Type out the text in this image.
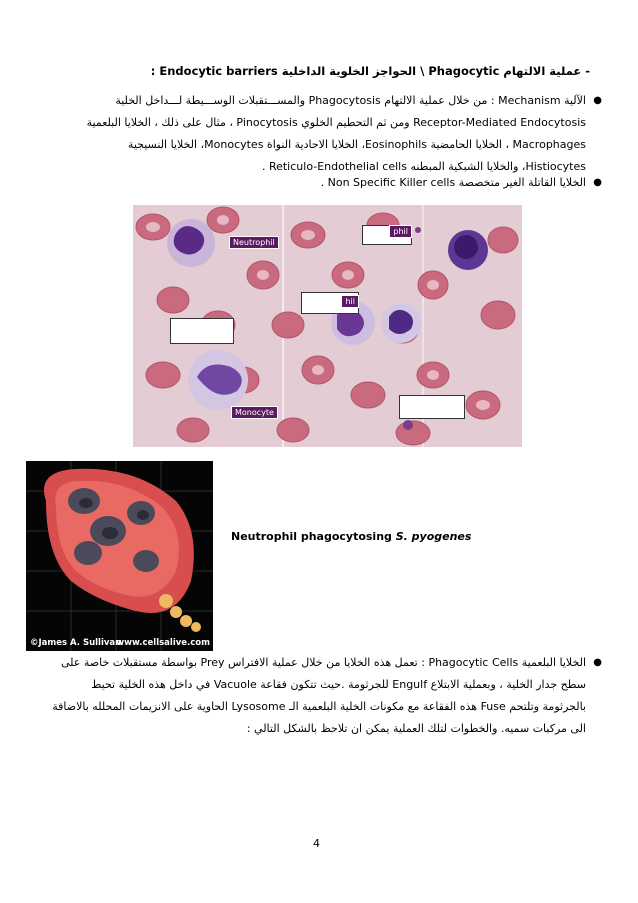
- عملية الالتهام Phagocytic \ الحواجز الخلوية الداخلية Endocytic barriers :
●

الآلية Mechanism : من خلال عملية الالتهام Phagocytosis والمســـتقبلات الوســـيطة لـــداخل الخلية

Receptor-Mediated Endocytosis ومن ثم التحطيم الخلوي Pinocytosis ، مثال على ذلك ، الخلايا البلعمية

Macrophages ، الخلايا الحامضية Eosinophils، الخلايا الاحادية النواة Monocytes، الخلايا النسيجية

Histiocytes، والخلايا الشبكية المبطنه Reticulo-Endothelial cells .

●

الخلايا القاتلة الغير متخصصة Non Specific Killer cells .

Neutrophil
phil
hil
Monocyte
©James A. Sullivan
www.cellsalive.com
Neutrophil phagocytosing S. pyogenes
●

الخلايا البلعمية Phagocytic Cells : تعمل هذه الخلايا من خلال عملية الافتراس Prey بواسطة مستقبلات خاصة على

سطح جدار الخلية ، وبعملية الابتلاع Engulf للجرثومة .حيث تتكون فقاعة Vacuole في داخل هذه الخلية تحيط

بالجرثومة وتلتحم Fuse هذه الفقاعة مع مكونات الخلية البلعمية الـ Lysosome الحاوية على الانزيمات المحلله بالاضافة

الى مركبات سميه. والخطوات لتلك العملية يمكن ان تلاحظ بالشكل التالي :

4
